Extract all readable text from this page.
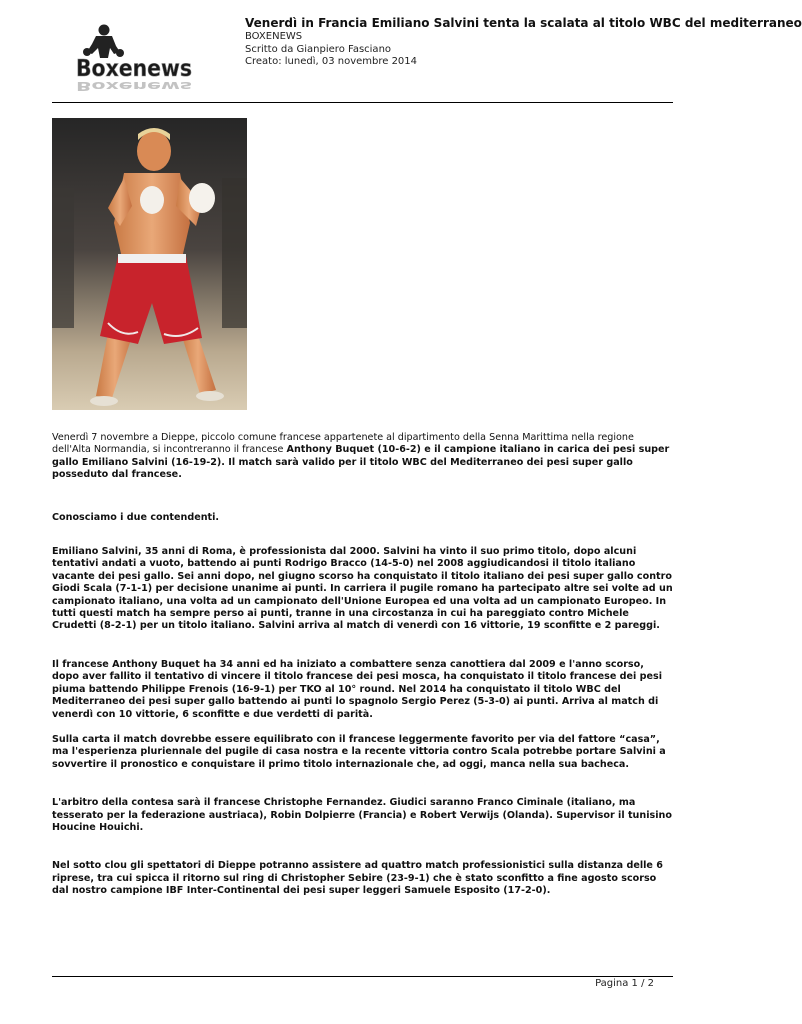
Boxenews
Boxenews
Venerdì in Francia Emiliano Salvini tenta la scalata al titolo WBC del mediterraneo
BOXENEWS
Scritto da Gianpiero Fasciano
Creato: lunedì, 03 novembre 2014

Venerdì 7 novembre a Dieppe, piccolo comune francese appartenete al dipartimento della Senna Marittima nella regione dell'Alta Normandia, si incontreranno il francese Anthony Buquet (10-6-2) e il campione italiano in carica dei pesi super gallo Emiliano Salvini (16-19-2). Il match sarà valido per il titolo WBC del Mediterraneo dei pesi super gallo posseduto dal francese.

Conosciamo i due contendenti.

Emiliano Salvini, 35 anni di Roma, è professionista dal 2000. Salvini ha vinto il suo primo titolo, dopo alcuni tentativi andati a vuoto, battendo ai punti Rodrigo Bracco (14-5-0) nel 2008 aggiudicandosi il titolo italiano vacante dei pesi gallo. Sei anni dopo, nel giugno scorso ha conquistato il titolo italiano dei pesi super gallo contro Giodi Scala (7-1-1) per decisione unanime ai punti. In carriera il pugile romano ha partecipato altre sei volte ad un campionato italiano, una volta ad un campionato dell'Unione Europea ed una volta ad un campionato Europeo. In tutti questi match ha sempre perso ai punti, tranne in una circostanza in cui ha pareggiato contro Michele Crudetti (8-2-1) per un titolo italiano. Salvini arriva al match di venerdì con 16 vittorie, 19 sconfitte e 2 pareggi.

Il francese Anthony Buquet ha 34 anni ed ha iniziato a combattere senza canottiera dal 2009 e l'anno scorso, dopo aver fallito il tentativo di vincere il titolo francese dei pesi mosca, ha conquistato il titolo francese dei pesi piuma battendo Philippe Frenois (16-9-1) per TKO al 10° round. Nel 2014 ha conquistato il titolo WBC del Mediterraneo dei pesi super gallo battendo ai punti lo spagnolo Sergio Perez (5-3-0) ai punti. Arriva al match di venerdì con 10 vittorie, 6 sconfitte e due verdetti di parità.

Sulla carta il match dovrebbe essere equilibrato con il francese leggermente favorito per via del fattore “casa”, ma l'esperienza pluriennale del pugile di casa nostra e la recente vittoria contro Scala potrebbe portare Salvini a sovvertire il pronostico e conquistare il primo titolo internazionale che, ad oggi, manca nella sua bacheca.

L'arbitro della contesa sarà il francese Christophe Fernandez. Giudici saranno Franco Ciminale (italiano, ma tesserato per la federazione austriaca), Robin Dolpierre (Francia) e Robert Verwijs (Olanda). Supervisor il tunisino Houcine Houichi.

Nel sotto clou gli spettatori di Dieppe potranno assistere ad quattro match professionistici sulla distanza delle 6 riprese, tra cui spicca il ritorno sul ring di Christopher Sebire (23-9-1) che è stato sconfitto a fine agosto scorso dal nostro campione IBF Inter-Continental dei pesi super leggeri Samuele Esposito (17-2-0).

Pagina 1 / 2
